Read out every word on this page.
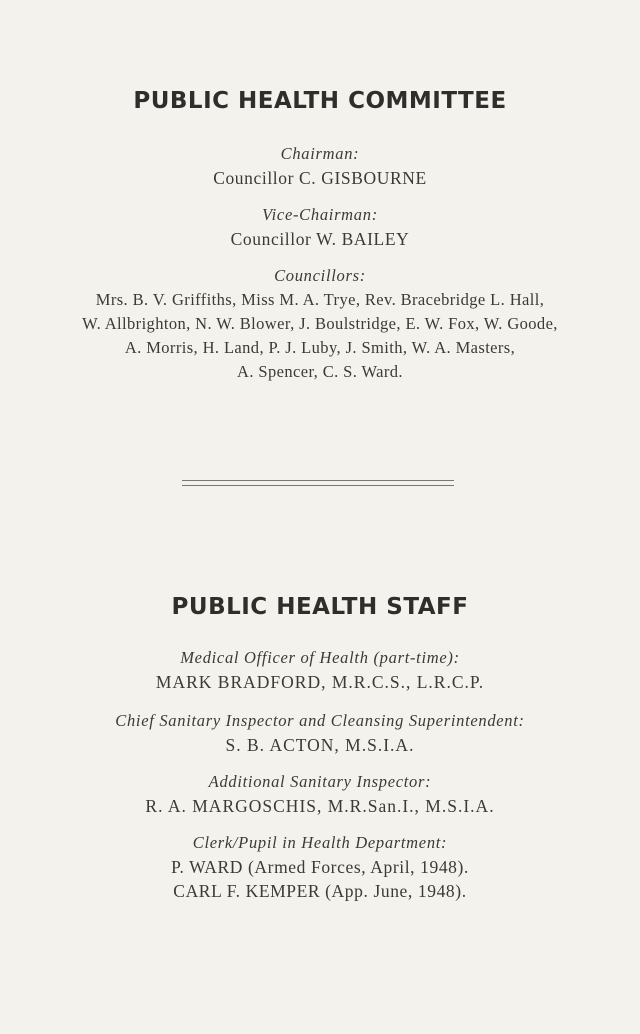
PUBLIC HEALTH COMMITTEE

Chairman:

Councillor C. GISBOURNE

Vice-Chairman:

Councillor W. BAILEY

Councillors:

Mrs. B. V. Griffiths, Miss M. A. Trye, Rev. Bracebridge L. Hall,

W. Allbrighton, N. W. Blower, J. Boulstridge, E. W. Fox, W. Goode,

A. Morris, H. Land, P. J. Luby, J. Smith, W. A. Masters,

A. Spencer, C. S. Ward.

PUBLIC HEALTH STAFF

Medical Officer of Health (part-time):

MARK BRADFORD, M.R.C.S., L.R.C.P.

Chief Sanitary Inspector and Cleansing Superintendent:

S. B. ACTON, M.S.I.A.

Additional Sanitary Inspector:

R. A. MARGOSCHIS, M.R.San.I., M.S.I.A.

Clerk/Pupil in Health Department:

P. WARD (Armed Forces, April, 1948).

CARL F. KEMPER (App. June, 1948).
